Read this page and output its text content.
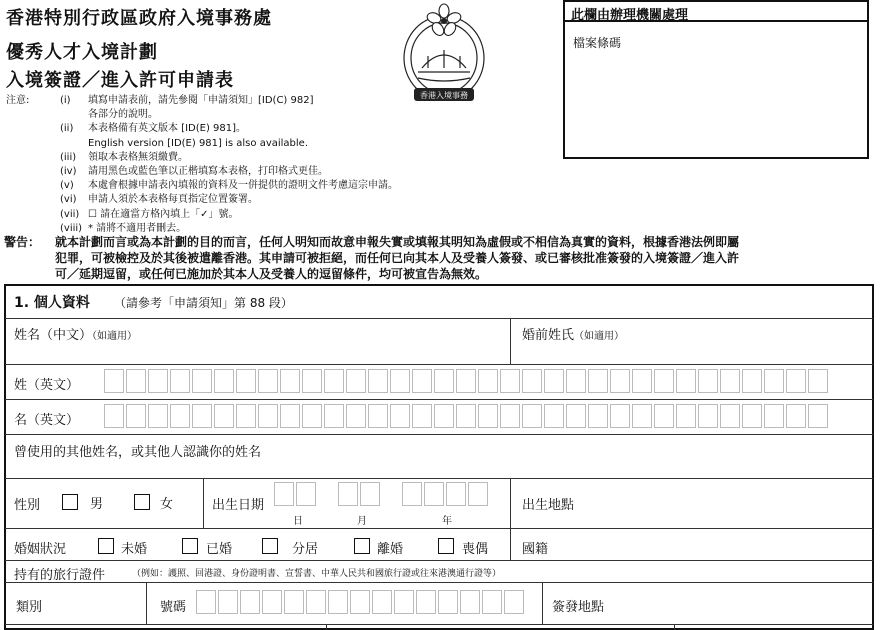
香港特別行政區政府入境事務處
優秀人才入境計劃
入境簽證／進入許可申請表
香港入境事務
此欄由辦理機關處理
檔案條碼
注意:	(i)	填寫申請表前，請先參閱「申請須知」[ID(C) 982]
各部分的說明。
(ii)	本表格備有英文版本 [ID(E) 981]。
English version [ID(E) 981] is also available.
(iii)	領取本表格無須繳費。
(iv)	請用黑色或藍色筆以正楷填寫本表格，打印格式更佳。
(v)	本處會根據申請表內填報的資料及一併提供的證明文件考慮這宗申請。
(vi)	申請人須於本表格每頁指定位置簽署。
(vii) ☐ 請在適當方格內填上「✓」號。
(viii) * 請將不適用者刪去。
警告： 就本計劃而言或為本計劃的目的而言，任何人明知而故意申報失實或填報其明知為虛假或不相信為真實的資料，根據香港法例即屬
犯罪，可被檢控及於其後被遣離香港。其申請可被拒絕，而任何已向其本人及受養人簽發、或已審核批准簽發的入境簽證／進入許
可／延期逗留，或任何已施加於其本人及受養人的逗留條件，均可被宣告為無效。
1. 個人資料 （請參考「申請須知」第 88 段）
姓名（中文）（如適用）	婚前姓氏（如適用）
姓（英文）
名（英文）
曾使用的其他姓名，或其他人認識你的姓名
性別	男	女	出生日期
日	月	年
出生地點
婚姻狀況	未婚	已婚	分居	離婚	喪偶	國籍
持有的旅行證件	（例如：護照、回港證、身份證明書、宣誓書、中華人民共和國旅行證或往來港澳通行證等）
類別	號碼	簽發地點
